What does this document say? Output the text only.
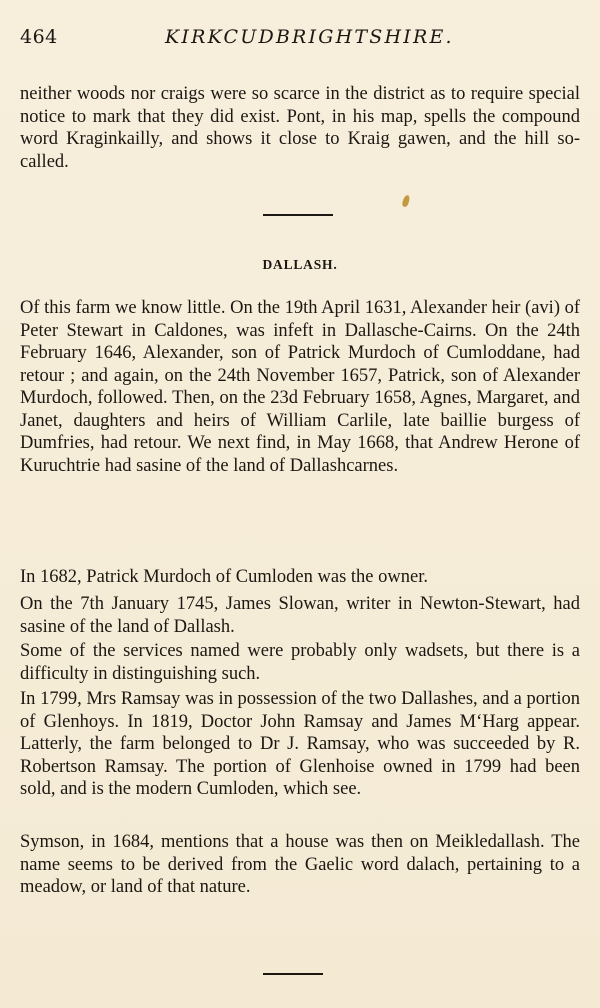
464	KIRKCUDBRIGHTSHIRE.

neither woods nor craigs were so scarce in the district as to require special notice to mark that they did exist. Pont, in his map, spells the compound word Kraginkailly, and shows it close to Kraig gawen, and the hill so-called.

DALLASH.

Of this farm we know little. On the 19th April 1631, Alexander heir (avi) of Peter Stewart in Caldones, was infeft in Dallasche-Cairns. On the 24th February 1646, Alexander, son of Patrick Murdoch of Cumloddane, had retour ; and again, on the 24th November 1657, Patrick, son of Alexander Murdoch, followed. Then, on the 23d February 1658, Agnes, Margaret, and Janet, daughters and heirs of William Carlile, late baillie burgess of Dumfries, had retour. We next find, in May 1668, that Andrew Herone of Kuruchtrie had sasine of the land of Dallashcarnes.

In 1682, Patrick Murdoch of Cumloden was the owner.

On the 7th January 1745, James Slowan, writer in Newton-Stewart, had sasine of the land of Dallash.

Some of the services named were probably only wadsets, but there is a difficulty in distinguishing such.

In 1799, Mrs Ramsay was in possession of the two Dallashes, and a portion of Glenhoys. In 1819, Doctor John Ramsay and James M‘Harg appear. Latterly, the farm belonged to Dr J. Ramsay, who was succeeded by R. Robertson Ramsay. The portion of Glenhoise owned in 1799 had been sold, and is the modern Cumloden, which see.

Symson, in 1684, mentions that a house was then on Meikledallash. The name seems to be derived from the Gaelic word dalach, pertaining to a meadow, or land of that nature.
